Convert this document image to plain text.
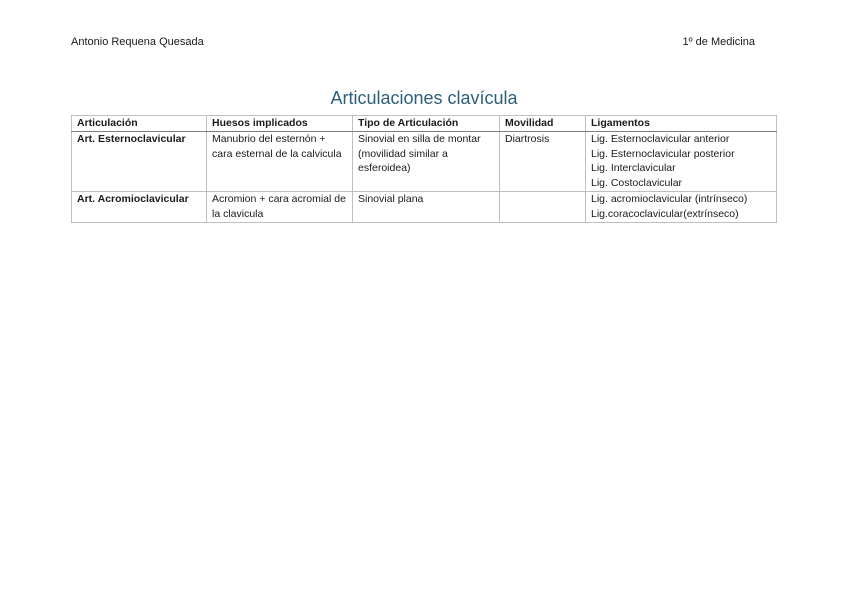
Antonio Requena Quesada	1º de Medicina
Articulaciones clavícula
Articulación	Huesos implicados	Tipo de Articulación	Movilidad	Ligamentos
Art. Esternoclavicular	Manubrio del esternón + cara esternal de la calvicula	Sinovial en silla de montar (movilidad similar a esferoidea)	Diartrosis	Lig. Esternoclavicular anterior
Lig. Esternoclavicular posterior
Lig. Interclavicular
Lig. Costoclavicular

Art. Acromioclavicular	Acromion + cara acromial de la clavicula	Sinovial plana		Lig. acromioclavicular (intrínseco)
Lig.coracoclavicular(extrínseco)
